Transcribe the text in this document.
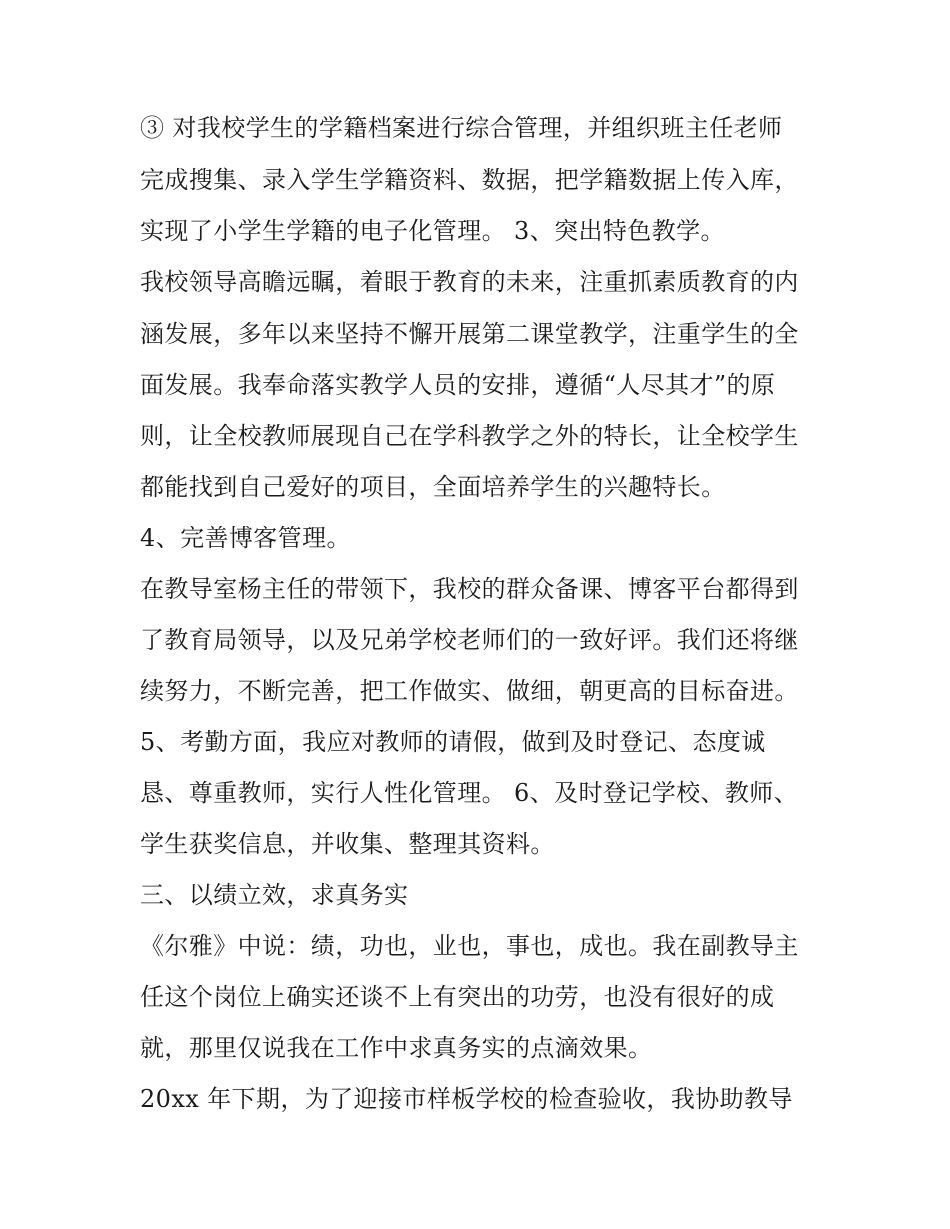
③ 对我校学生的学籍档案进行综合管理，并组织班主任老师
完成搜集、录入学生学籍资料、数据，把学籍数据上传入库，
实现了小学生学籍的电子化管理。 3、突出特色教学。
我校领导高瞻远瞩，着眼于教育的未来，注重抓素质教育的内
涵发展，多年以来坚持不懈开展第二课堂教学，注重学生的全
面发展。我奉命落实教学人员的安排，遵循“人尽其才”的原
则，让全校教师展现自己在学科教学之外的特长，让全校学生
都能找到自己爱好的项目，全面培养学生的兴趣特长。
4、完善博客管理。
在教导室杨主任的带领下，我校的群众备课、博客平台都得到
了教育局领导，以及兄弟学校老师们的一致好评。我们还将继
续努力，不断完善，把工作做实、做细，朝更高的目标奋进。
5、考勤方面，我应对教师的请假，做到及时登记、态度诚
恳、尊重教师，实行人性化管理。 6、及时登记学校、教师、
学生获奖信息，并收集、整理其资料。
三、以绩立效，求真务实
《尔雅》中说：绩，功也，业也，事也，成也。我在副教导主
任这个岗位上确实还谈不上有突出的功劳，也没有很好的成
就，那里仅说我在工作中求真务实的点滴效果。
20xx 年下期，为了迎接市样板学校的检查验收，我协助教导
